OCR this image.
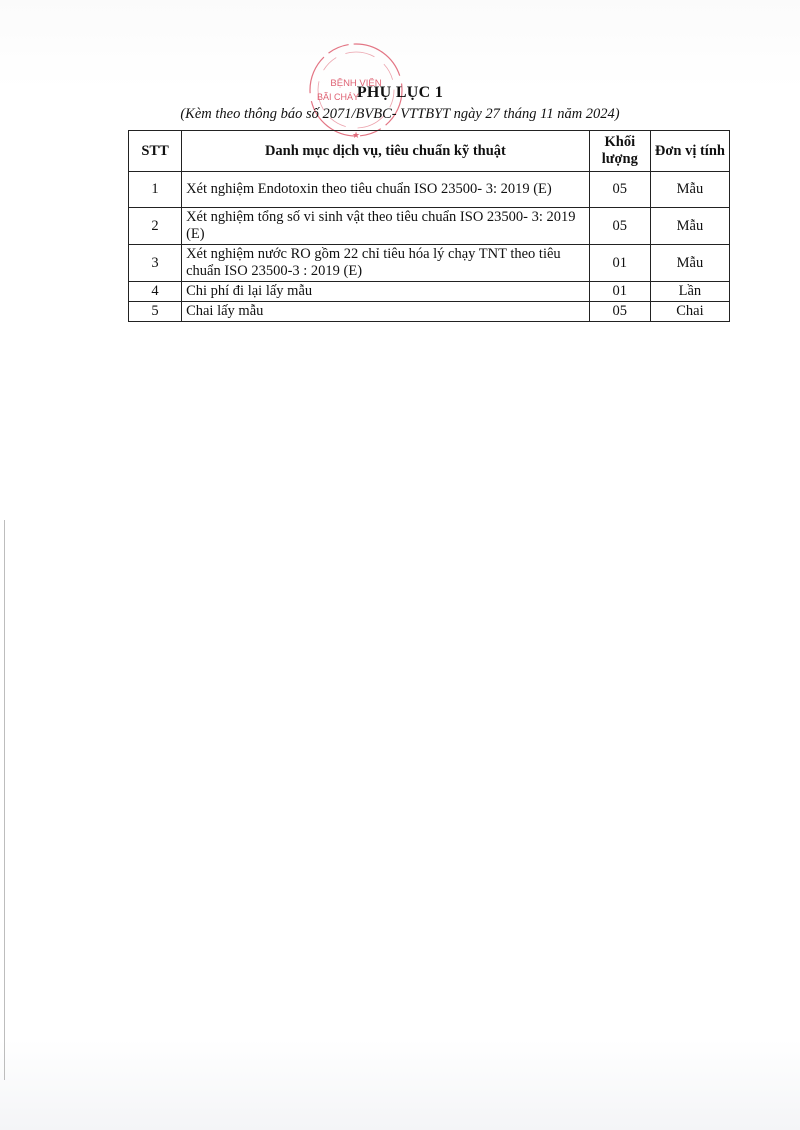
BỆNH VIỆN
BÃI CHÁY
★
PHỤ LỤC 1
(Kèm theo thông báo số 2071/BVBC- VTTBYT ngày 27 tháng 11 năm 2024)
STT	Danh mục dịch vụ, tiêu chuẩn kỹ thuật	Khối lượng	Đơn vị tính
1	Xét nghiệm Endotoxin theo tiêu chuẩn ISO 23500- 3: 2019 (E)	05	Mẫu
2	Xét nghiệm tổng số vi sinh vật theo tiêu chuẩn ISO 23500- 3: 2019 (E)	05	Mẫu
3	Xét nghiệm nước RO gồm 22 chỉ tiêu hóa lý chạy TNT theo tiêu chuẩn ISO 23500-3 : 2019 (E)	01	Mẫu
4	Chi phí đi lại lấy mẫu	01	Lần
5	Chai lấy mẫu	05	Chai
